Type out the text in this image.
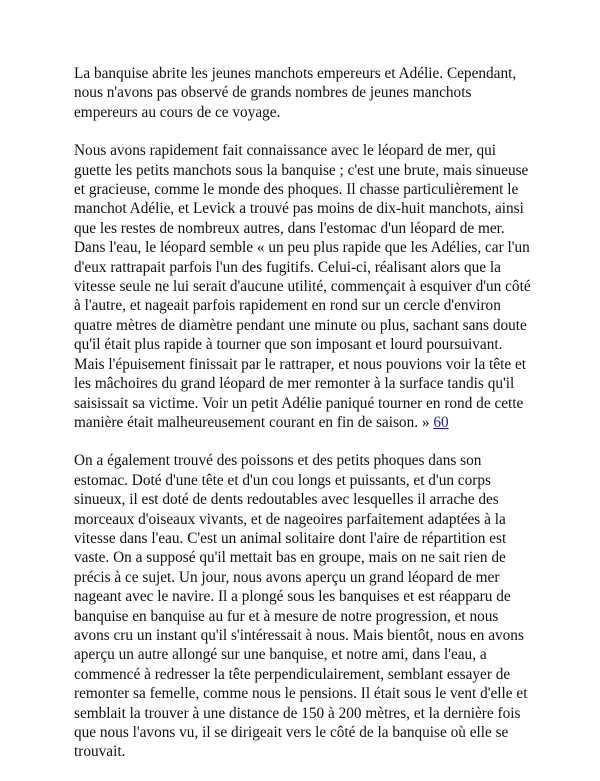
La banquise abrite les jeunes manchots empereurs et Adélie. Cependant, nous n'avons pas observé de grands nombres de jeunes manchots empereurs au cours de ce voyage.

Nous avons rapidement fait connaissance avec le léopard de mer, qui guette les petits manchots sous la banquise ; c'est une brute, mais sinueuse et gracieuse, comme le monde des phoques. Il chasse particulièrement le manchot Adélie, et Levick a trouvé pas moins de dix-huit manchots, ainsi que les restes de nombreux autres, dans l'estomac d'un léopard de mer. Dans l'eau, le léopard semble « un peu plus rapide que les Adélies, car l'un d'eux rattrapait parfois l'un des fugitifs. Celui-ci, réalisant alors que la vitesse seule ne lui serait d'aucune utilité, commençait à esquiver d'un côté à l'autre, et nageait parfois rapidement en rond sur un cercle d'environ quatre mètres de diamètre pendant une minute ou plus, sachant sans doute qu'il était plus rapide à tourner que son imposant et lourd poursuivant. Mais l'épuisement finissait par le rattraper, et nous pouvions voir la tête et les mâchoires du grand léopard de mer remonter à la surface tandis qu'il saisissait sa victime. Voir un petit Adélie paniqué tourner en rond de cette manière était malheureusement courant en fin de saison. » 60

On a également trouvé des poissons et des petits phoques dans son estomac. Doté d'une tête et d'un cou longs et puissants, et d'un corps sinueux, il est doté de dents redoutables avec lesquelles il arrache des morceaux d'oiseaux vivants, et de nageoires parfaitement adaptées à la vitesse dans l'eau. C'est un animal solitaire dont l'aire de répartition est vaste. On a supposé qu'il mettait bas en groupe, mais on ne sait rien de précis à ce sujet. Un jour, nous avons aperçu un grand léopard de mer nageant avec le navire. Il a plongé sous les banquises et est réapparu de banquise en banquise au fur et à mesure de notre progression, et nous avons cru un instant qu'il s'intéressait à nous. Mais bientôt, nous en avons aperçu un autre allongé sur une banquise, et notre ami, dans l'eau, a commencé à redresser la tête perpendiculairement, semblant essayer de remonter sa femelle, comme nous le pensions. Il était sous le vent d'elle et semblait la trouver à une distance de 150 à 200 mètres, et la dernière fois que nous l'avons vu, il se dirigeait vers le côté de la banquise où elle se trouvait.
